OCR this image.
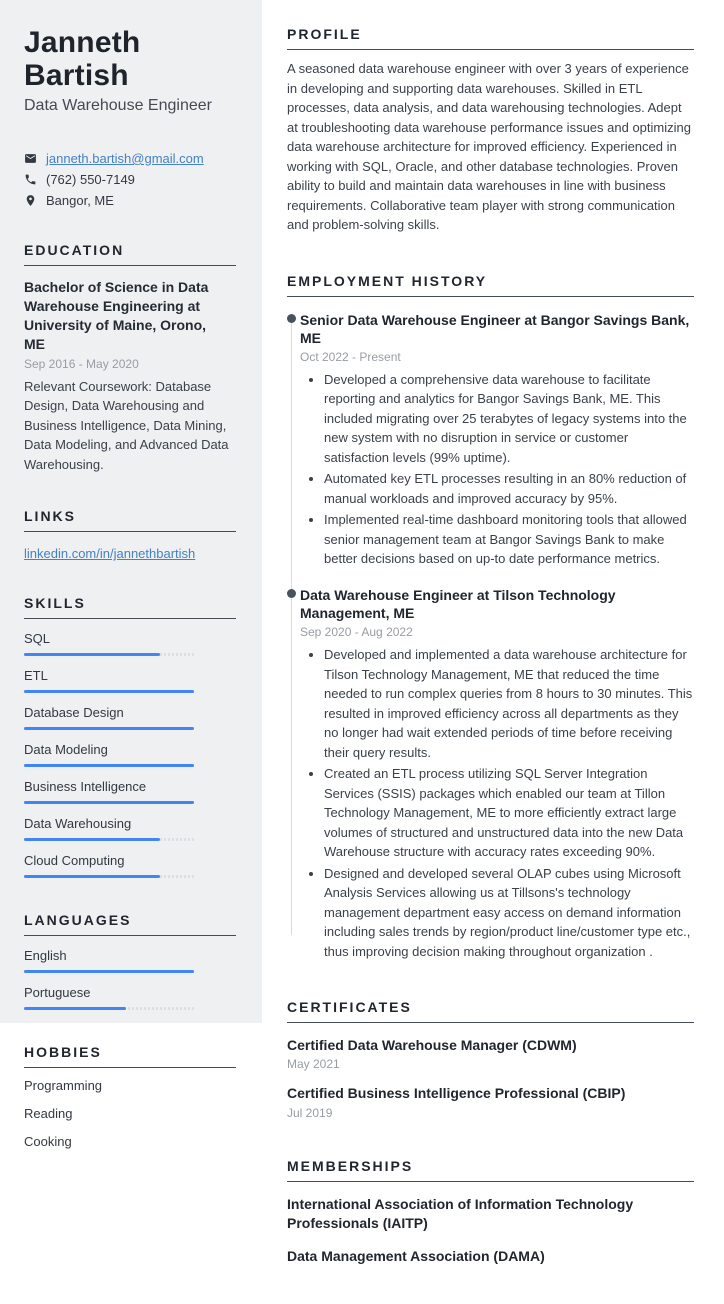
Janneth Bartish
Data Warehouse Engineer
janneth.bartish@gmail.com
(762) 550-7149
Bangor, ME
EDUCATION
Bachelor of Science in Data Warehouse Engineering at University of Maine, Orono, ME
Sep 2016 - May 2020
Relevant Coursework: Database Design, Data Warehousing and Business Intelligence, Data Mining, Data Modeling, and Advanced Data Warehousing.
LINKS
linkedin.com/in/jannethbartish
SKILLS
SQL
ETL
Database Design
Data Modeling
Business Intelligence
Data Warehousing
Cloud Computing
LANGUAGES
English
Portuguese
HOBBIES
Programming
Reading
Cooking
PROFILE

A seasoned data warehouse engineer with over 3 years of experience in developing and supporting data warehouses. Skilled in ETL processes, data analysis, and data warehousing technologies. Adept at troubleshooting data warehouse performance issues and optimizing data warehouse architecture for improved efficiency. Experienced in working with SQL, Oracle, and other database technologies. Proven ability to build and maintain data warehouses in line with business requirements. Collaborative team player with strong communication and problem-solving skills.

EMPLOYMENT HISTORY
Senior Data Warehouse Engineer at Bangor Savings Bank, ME
Oct 2022 - Present
• Developed a comprehensive data warehouse to facilitate reporting and analytics for Bangor Savings Bank, ME. This included migrating over 25 terabytes of legacy systems into the new system with no disruption in service or customer satisfaction levels (99% uptime).
• Automated key ETL processes resulting in an 80% reduction of manual workloads and improved accuracy by 95%.
• Implemented real-time dashboard monitoring tools that allowed senior management team at Bangor Savings Bank to make better decisions based on up-to date performance metrics.
Data Warehouse Engineer at Tilson Technology Management, ME
Sep 2020 - Aug 2022
• Developed and implemented a data warehouse architecture for Tilson Technology Management, ME that reduced the time needed to run complex queries from 8 hours to 30 minutes. This resulted in improved efficiency across all departments as they no longer had wait extended periods of time before receiving their query results.
• Created an ETL process utilizing SQL Server Integration Services (SSIS) packages which enabled our team at Tillon Technology Management, ME to more efficiently extract large volumes of structured and unstructured data into the new Data Warehouse structure with accuracy rates exceeding 90%.
• Designed and developed several OLAP cubes using Microsoft Analysis Services allowing us at Tillsons's technology management department easy access on demand information including sales trends by region/product line/customer type etc., thus improving decision making throughout organization .
CERTIFICATES
Certified Data Warehouse Manager (CDWM)
May 2021
Certified Business Intelligence Professional (CBIP)
Jul 2019
MEMBERSHIPS
International Association of Information Technology Professionals (IAITP)
Data Management Association (DAMA)
